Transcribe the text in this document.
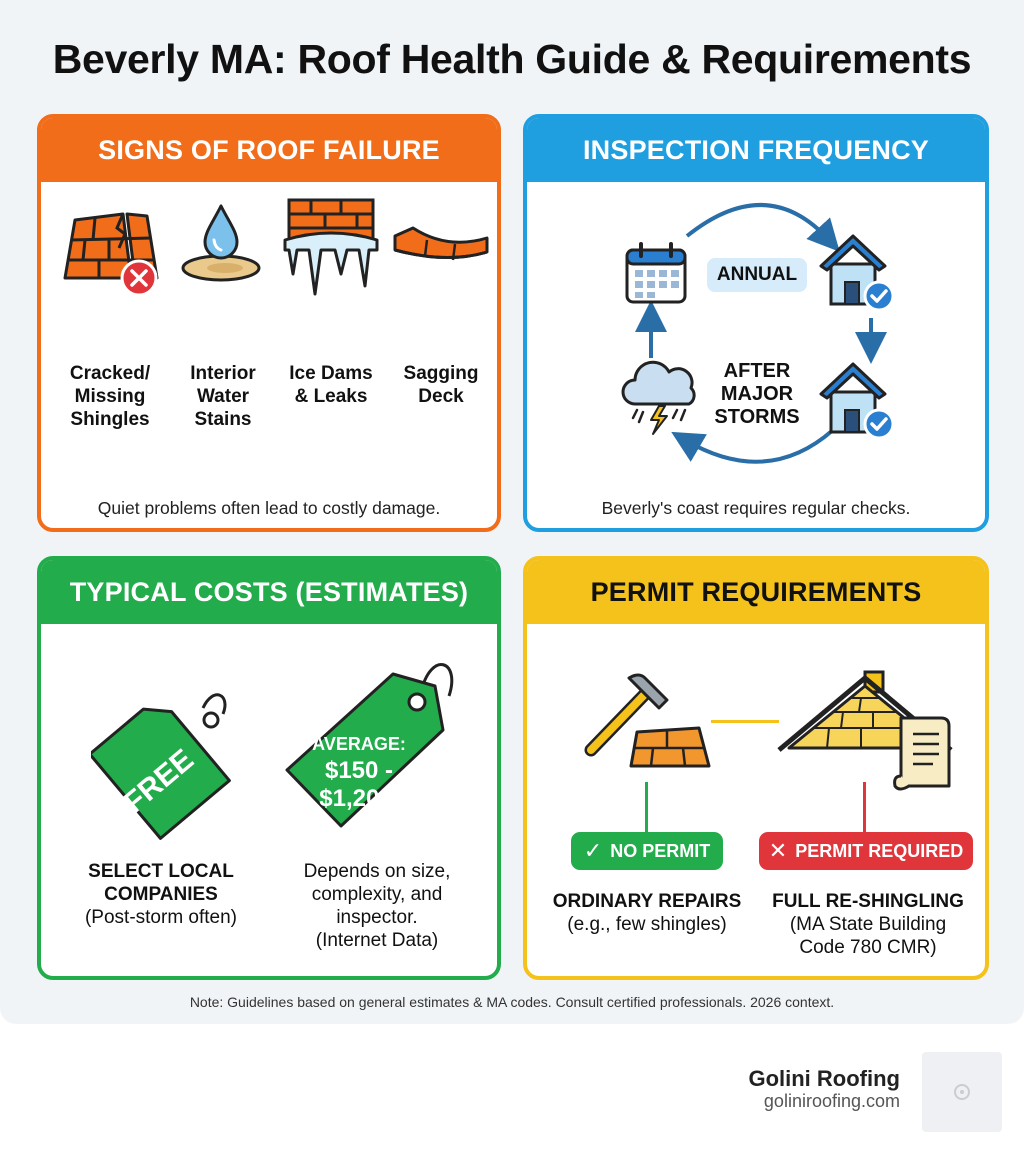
Beverly MA: Roof Health Guide & Requirements
SIGNS OF ROOF FAILURE
Cracked/
Missing
Shingles
Interior
Water
Stains
Ice Dams
& Leaks
Sagging
Deck
Quiet problems often lead to costly damage.
INSPECTION FREQUENCY
ANNUAL
AFTER
MAJOR
STORMS
Beverly's coast requires regular checks.
TYPICAL COSTS (ESTIMATES)
FREE	AVERAGE:
$150 -
$1,200+
SELECT LOCAL
COMPANIES
(Post-storm often)
Depends on size,
complexity, and
inspector.
(Internet Data)
PERMIT REQUIREMENTS
✓ NO PERMIT	✕ PERMIT REQUIRED
ORDINARY REPAIRS
(e.g., few shingles)
FULL RE-SHINGLING
(MA State Building
Code 780 CMR)
Note: Guidelines based on general estimates & MA codes. Consult certified professionals. 2026 context.
Golini Roofing
goliniroofing.com
